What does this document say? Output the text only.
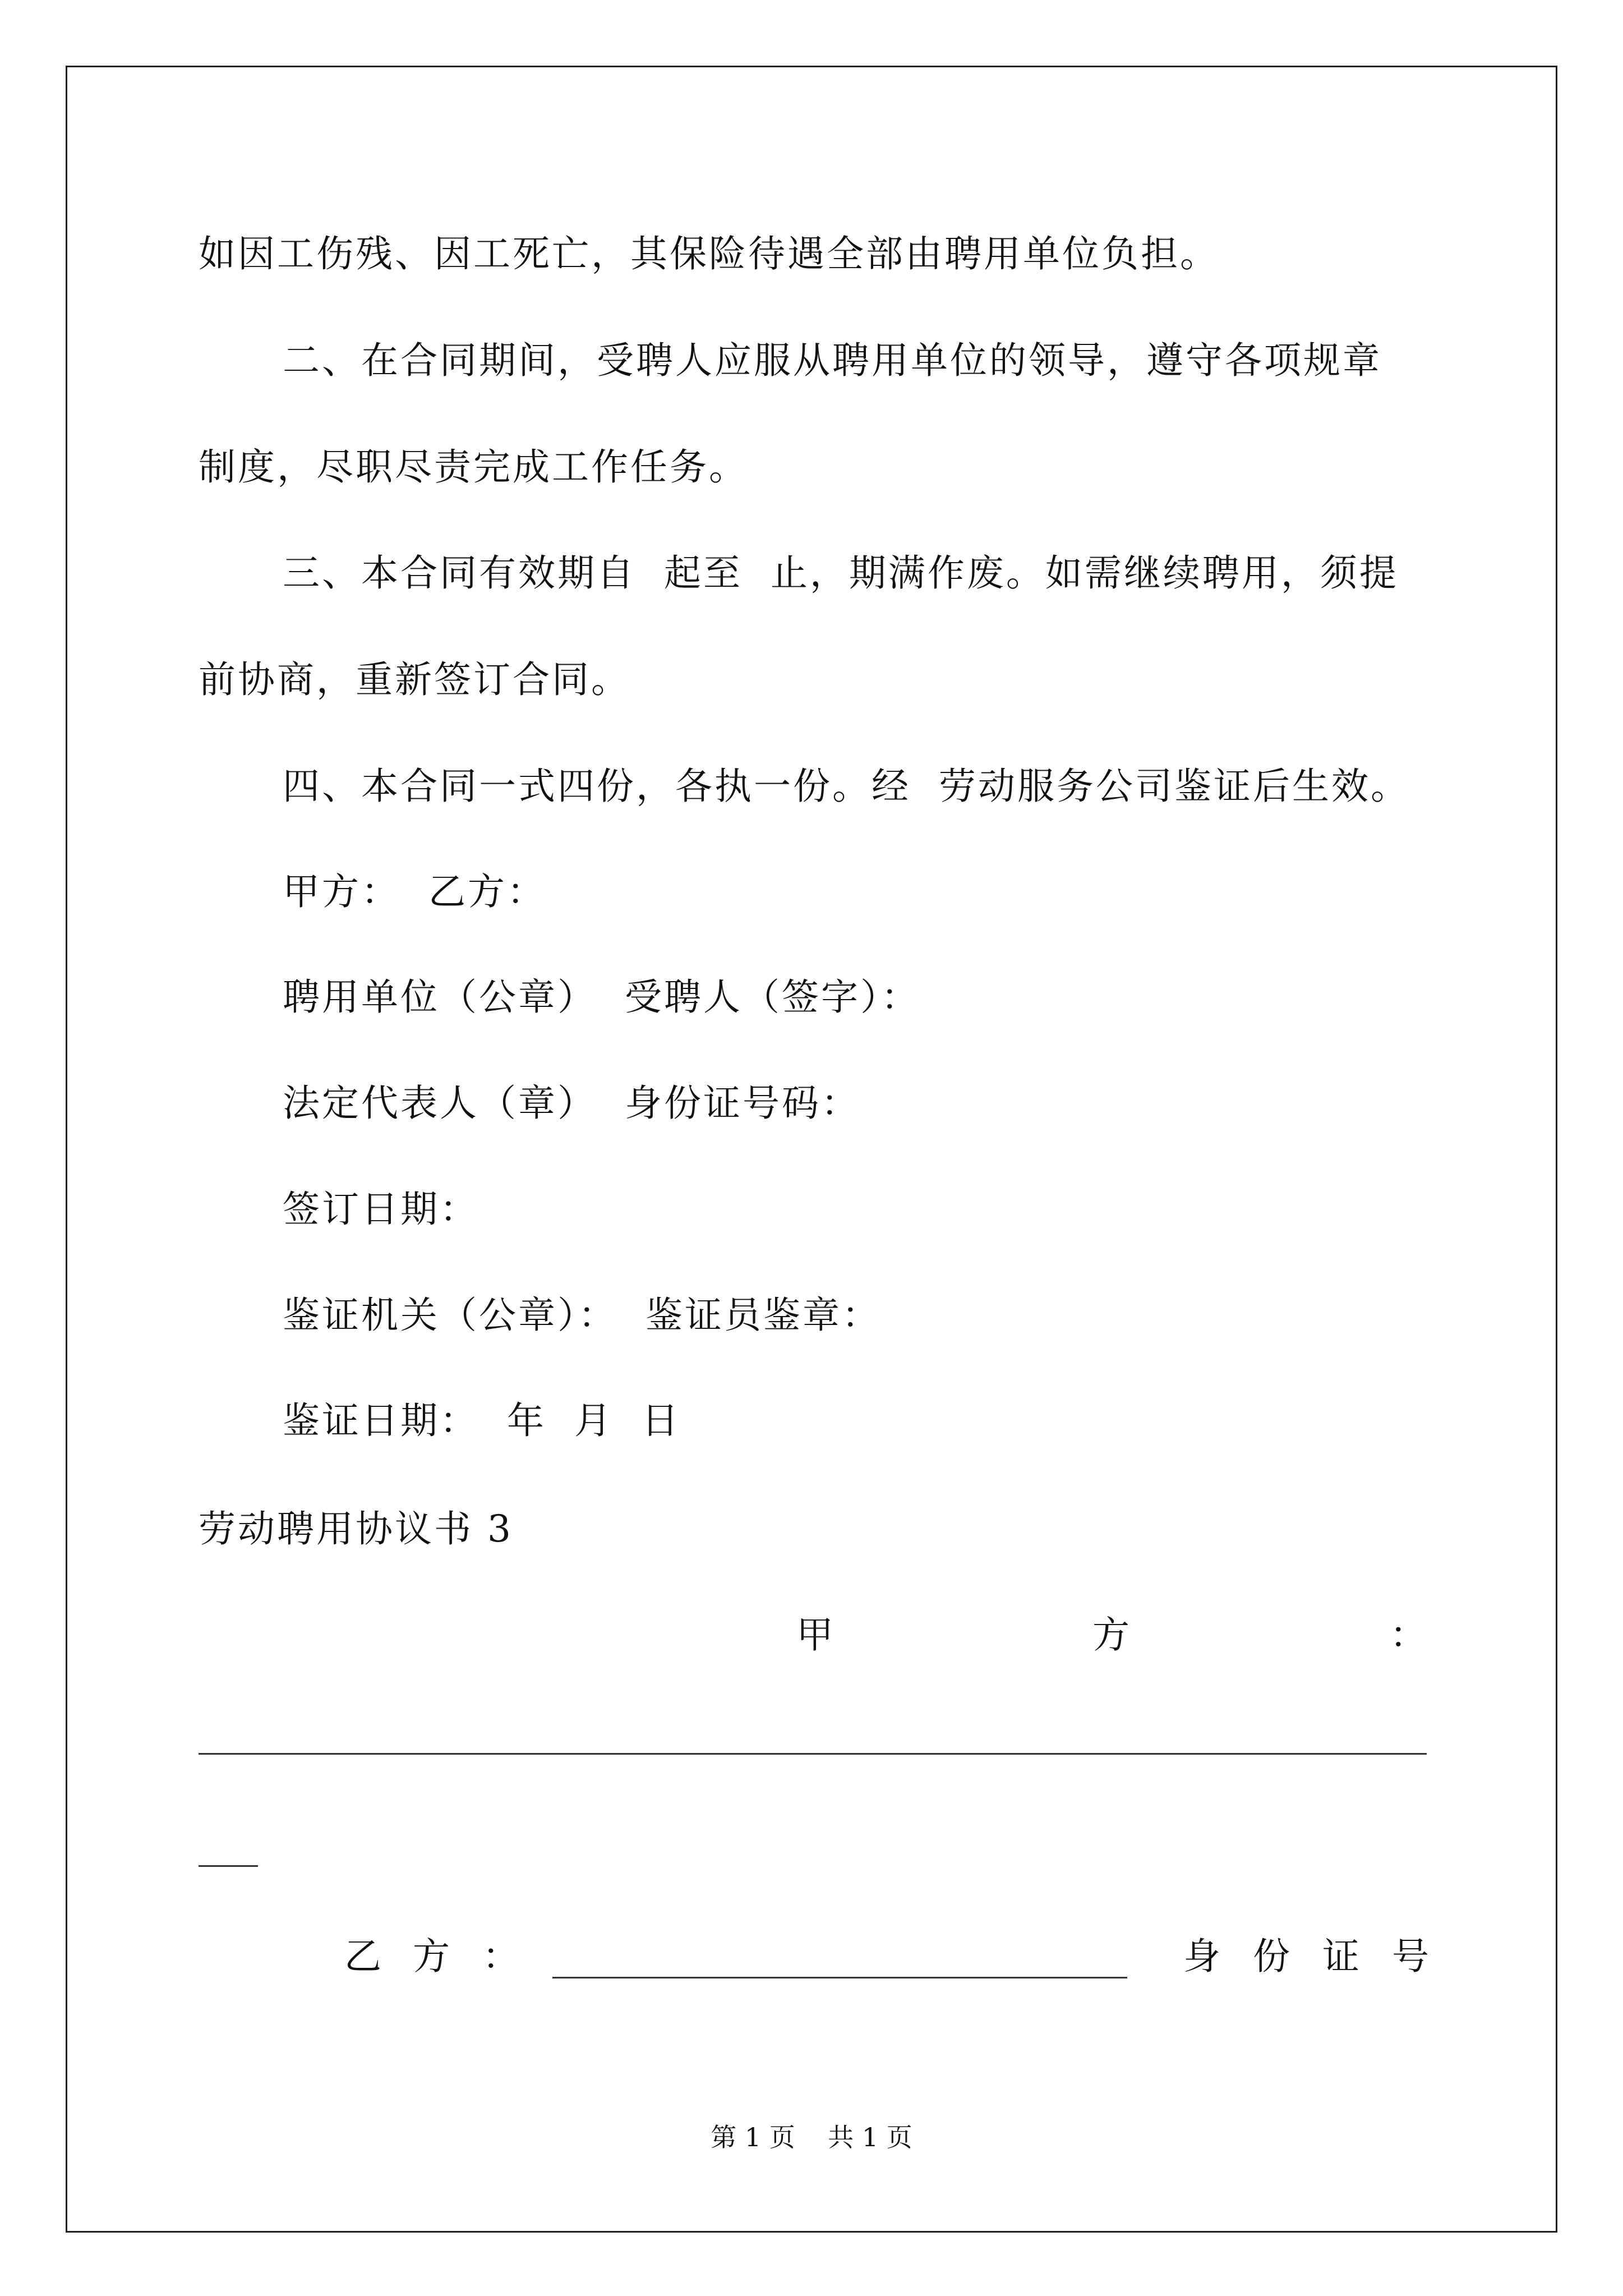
如因工伤残、因工死亡，其保险待遇全部由聘用单位负担。
二、在合同期间，受聘人应服从聘用单位的领导，遵守各项规章
制度，尽职尽责完成工作任务。
三、本合同有效期自  起至  止，期满作废。如需继续聘用，须提
前协商，重新签订合同。
四、本合同一式四份，各执一份。经  劳动服务公司鉴证后生效。
甲方：  乙方：
聘用单位（公章）  受聘人（签字）：
法定代表人（章）  身份证号码：
签订日期：
鉴证机关（公章）：  鉴证员鉴章：
鉴证日期：  年  月  日
劳动聘用协议书 3
甲	方	：
乙 方 ：	身 份 证 号
第 1 页    共 1 页
